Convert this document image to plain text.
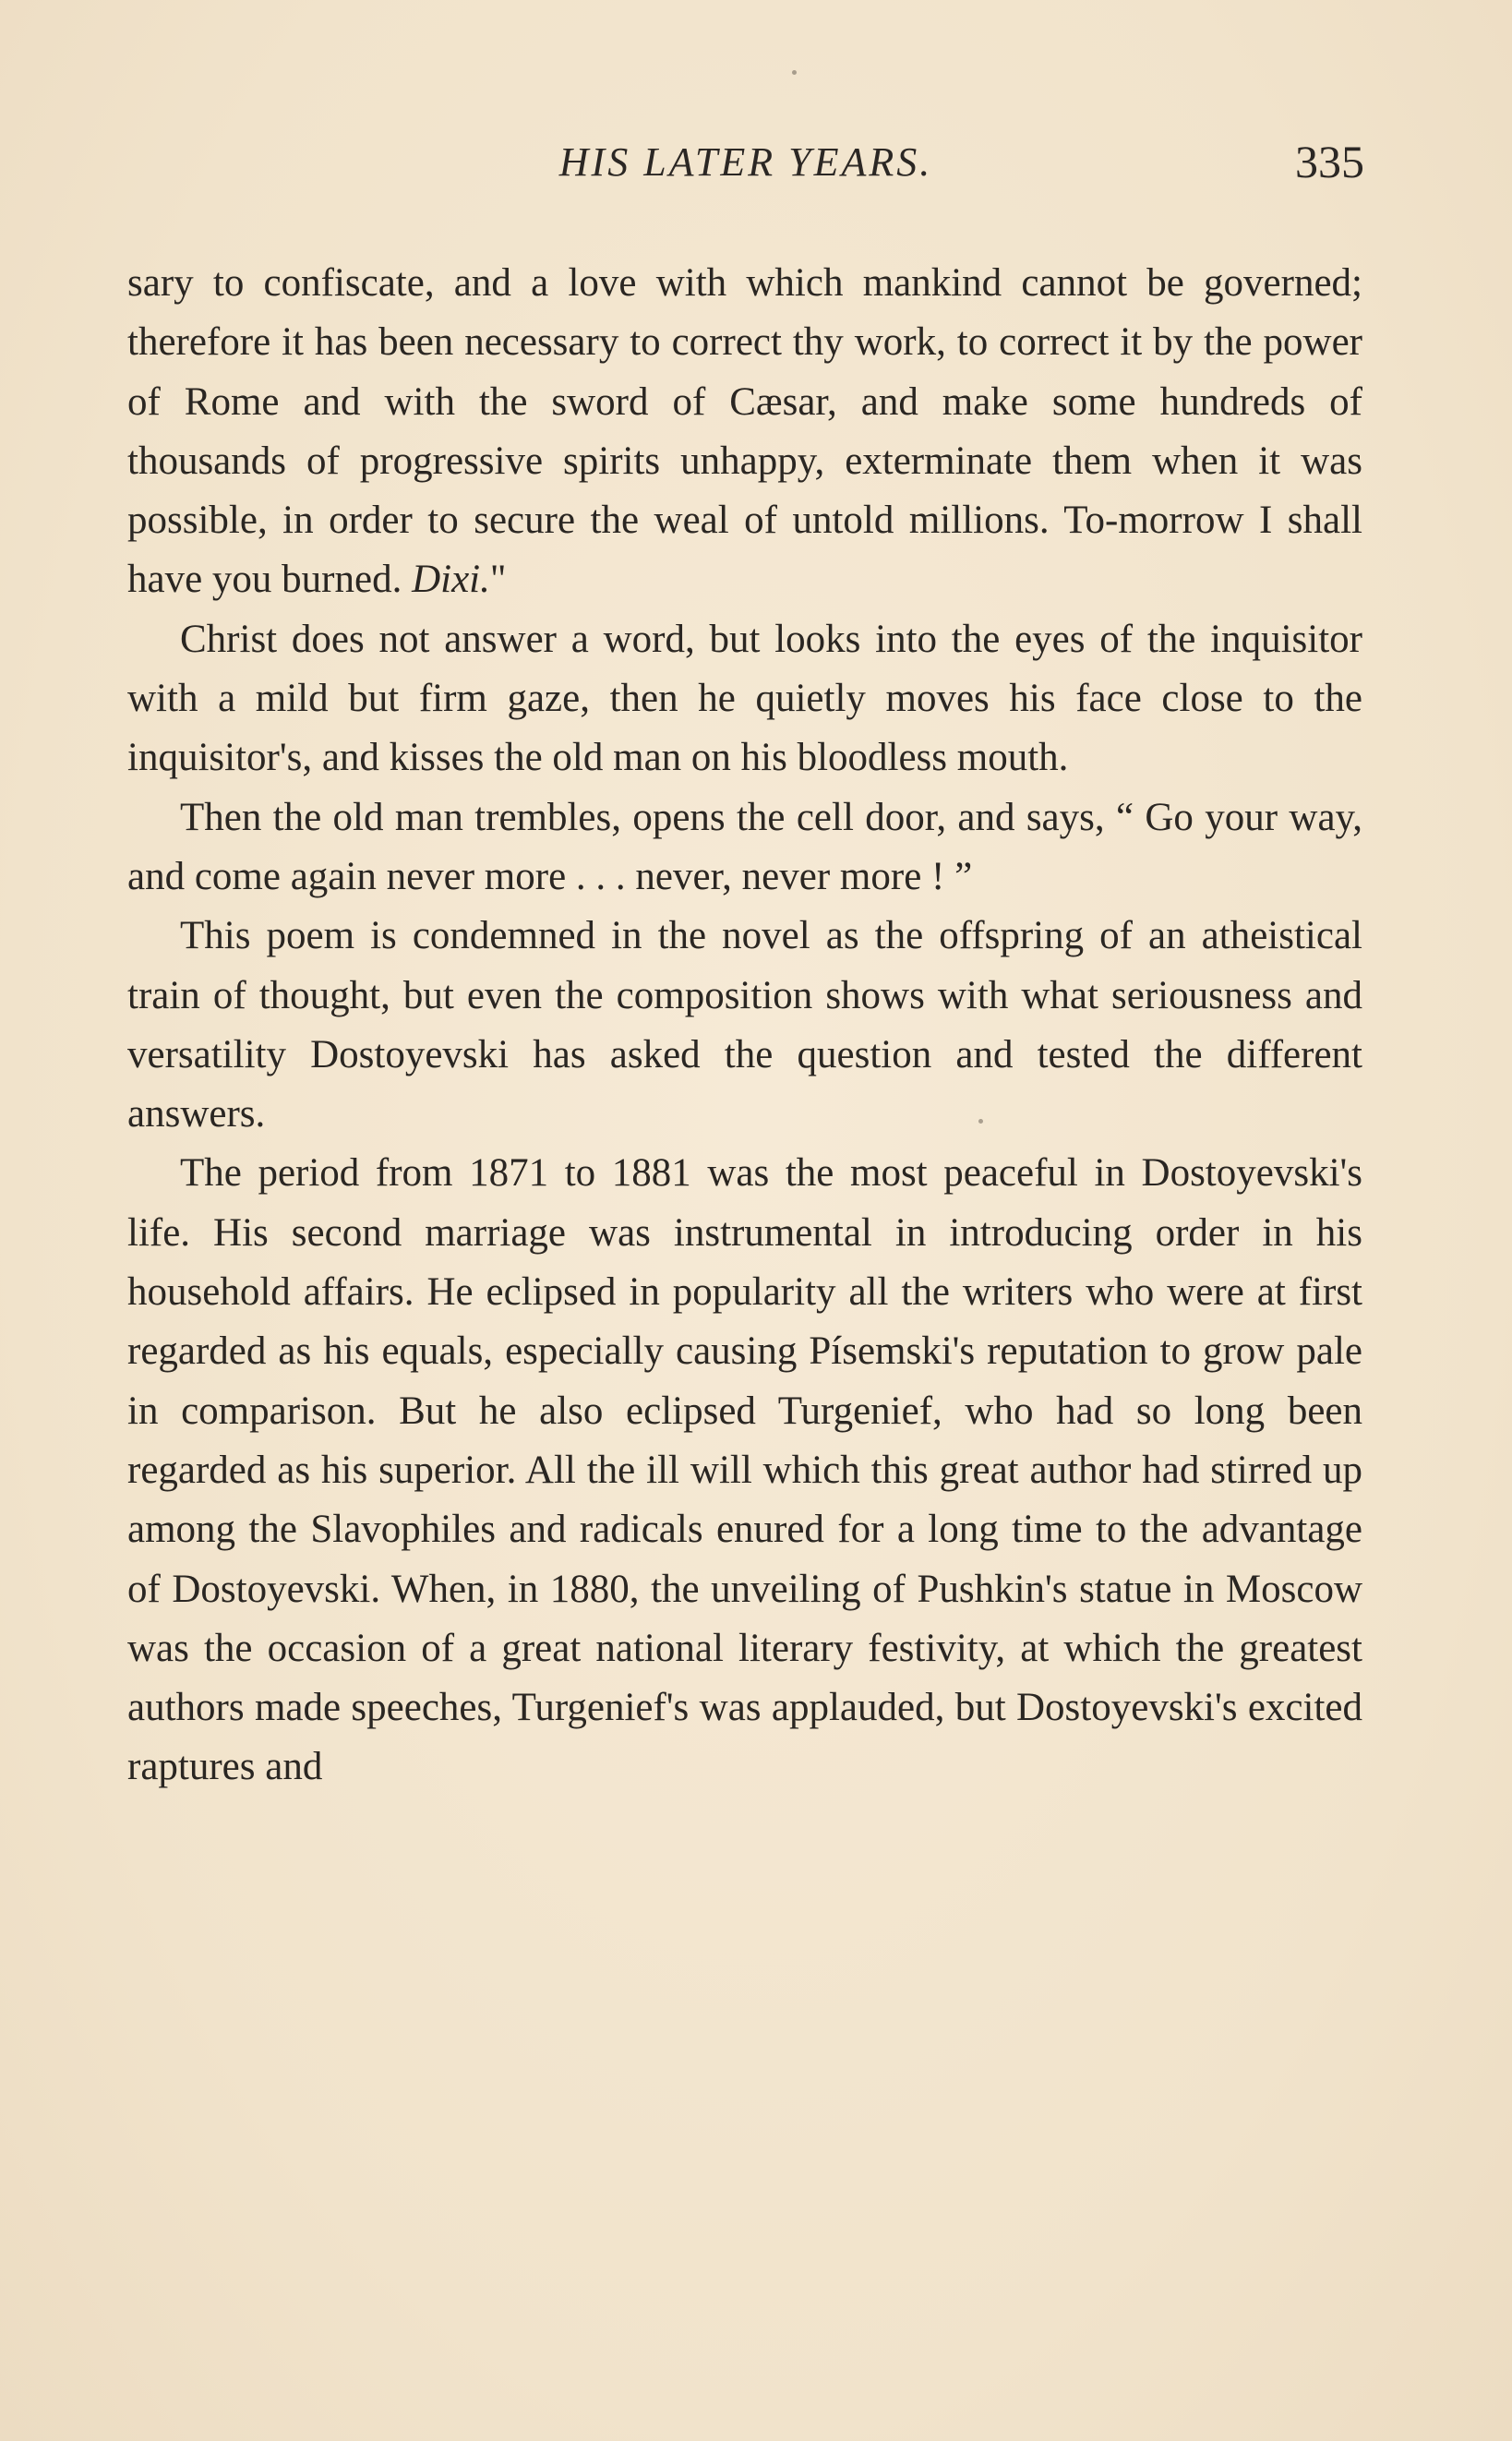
HIS LATER YEARS.	335

sary to confiscate, and a love with which mankind cannot be governed; therefore it has been necessary to correct thy work, to correct it by the power of Rome and with the sword of Cæsar, and make some hundreds of thousands of progressive spirits unhappy, exterminate them when it was possible, in order to secure the weal of untold millions. To-morrow I shall have you burned. Dixi."

Christ does not answer a word, but looks into the eyes of the inquisitor with a mild but firm gaze, then he quietly moves his face close to the inquisitor's, and kisses the old man on his bloodless mouth.

Then the old man trembles, opens the cell door, and says, “ Go your way, and come again never more . . . never, never more ! ”

This poem is condemned in the novel as the offspring of an atheistical train of thought, but even the composition shows with what seriousness and versatility Dostoyevski has asked the question and tested the different answers.

The period from 1871 to 1881 was the most peaceful in Dostoyevski's life. His second marriage was instrumental in introducing order in his household affairs. He eclipsed in popularity all the writers who were at first regarded as his equals, especially causing Písemski's reputation to grow pale in comparison. But he also eclipsed Turgenief, who had so long been regarded as his superior. All the ill will which this great author had stirred up among the Slavophiles and radicals enured for a long time to the advantage of Dostoyevski. When, in 1880, the unveiling of Pushkin's statue in Moscow was the occasion of a great national literary festivity, at which the greatest authors made speeches, Turgenief's was applauded, but Dostoyevski's excited raptures and
